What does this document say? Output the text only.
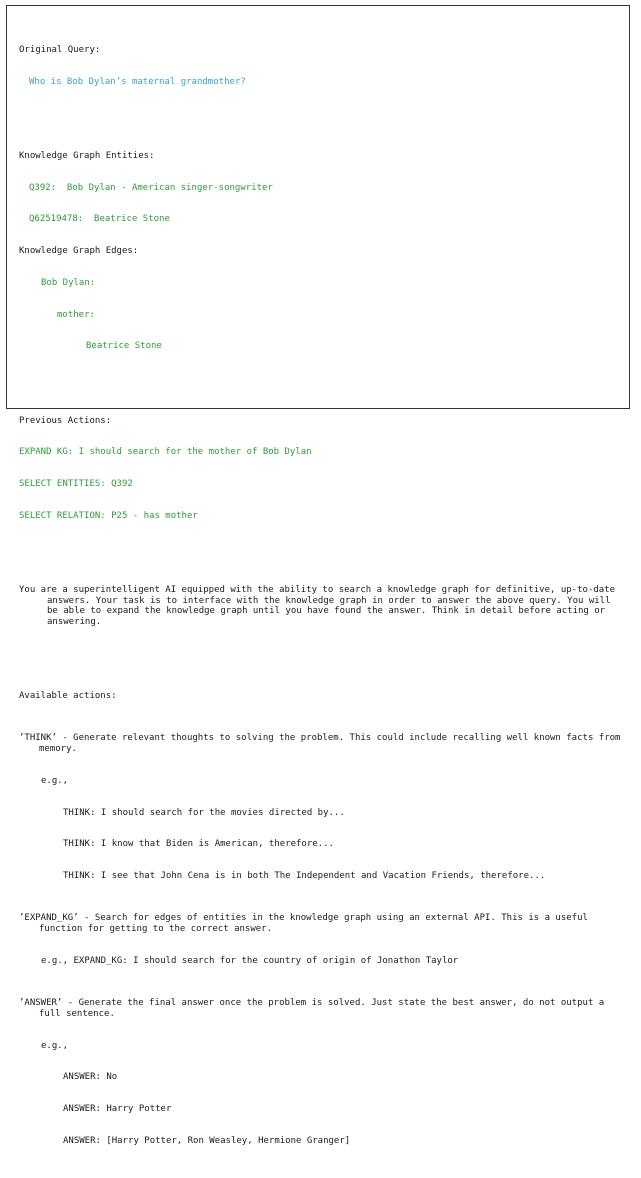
Original Query:

Who is Bob Dylan’s maternal grandmother?

Knowledge Graph Entities:

Q392:  Bob Dylan - American singer-songwriter

Q62519478:  Beatrice Stone

Knowledge Graph Edges:

Bob Dylan:

mother:

Beatrice Stone

Previous Actions:

EXPAND KG: I should search for the mother of Bob Dylan

SELECT ENTITIES: Q392

SELECT RELATION: P25 - has mother

You are a superintelligent AI equipped with the ability to search a knowledge graph for definitive, up-to-date answers. Your task is to interface with the knowledge graph in order to answer the above query. You will be able to expand the knowledge graph until you have found the answer. Think in detail before acting or answering.

Available actions:

’THINK’ - Generate relevant thoughts to solving the problem. This could include recalling well known facts from memory.

e.g.,

THINK: I should search for the movies directed by...

THINK: I know that Biden is American, therefore...

THINK: I see that John Cena is in both The Independent and Vacation Friends, therefore...

’EXPAND_KG’ - Search for edges of entities in the knowledge graph using an external API. This is a useful function for getting to the correct answer.

e.g., EXPAND_KG: I should search for the country of origin of Jonathon Taylor

’ANSWER’ - Generate the final answer once the problem is solved. Just state the best answer, do not output a full sentence.

e.g.,

ANSWER: No

ANSWER: Harry Potter

ANSWER: [Harry Potter, Ron Weasley, Hermione Granger]
